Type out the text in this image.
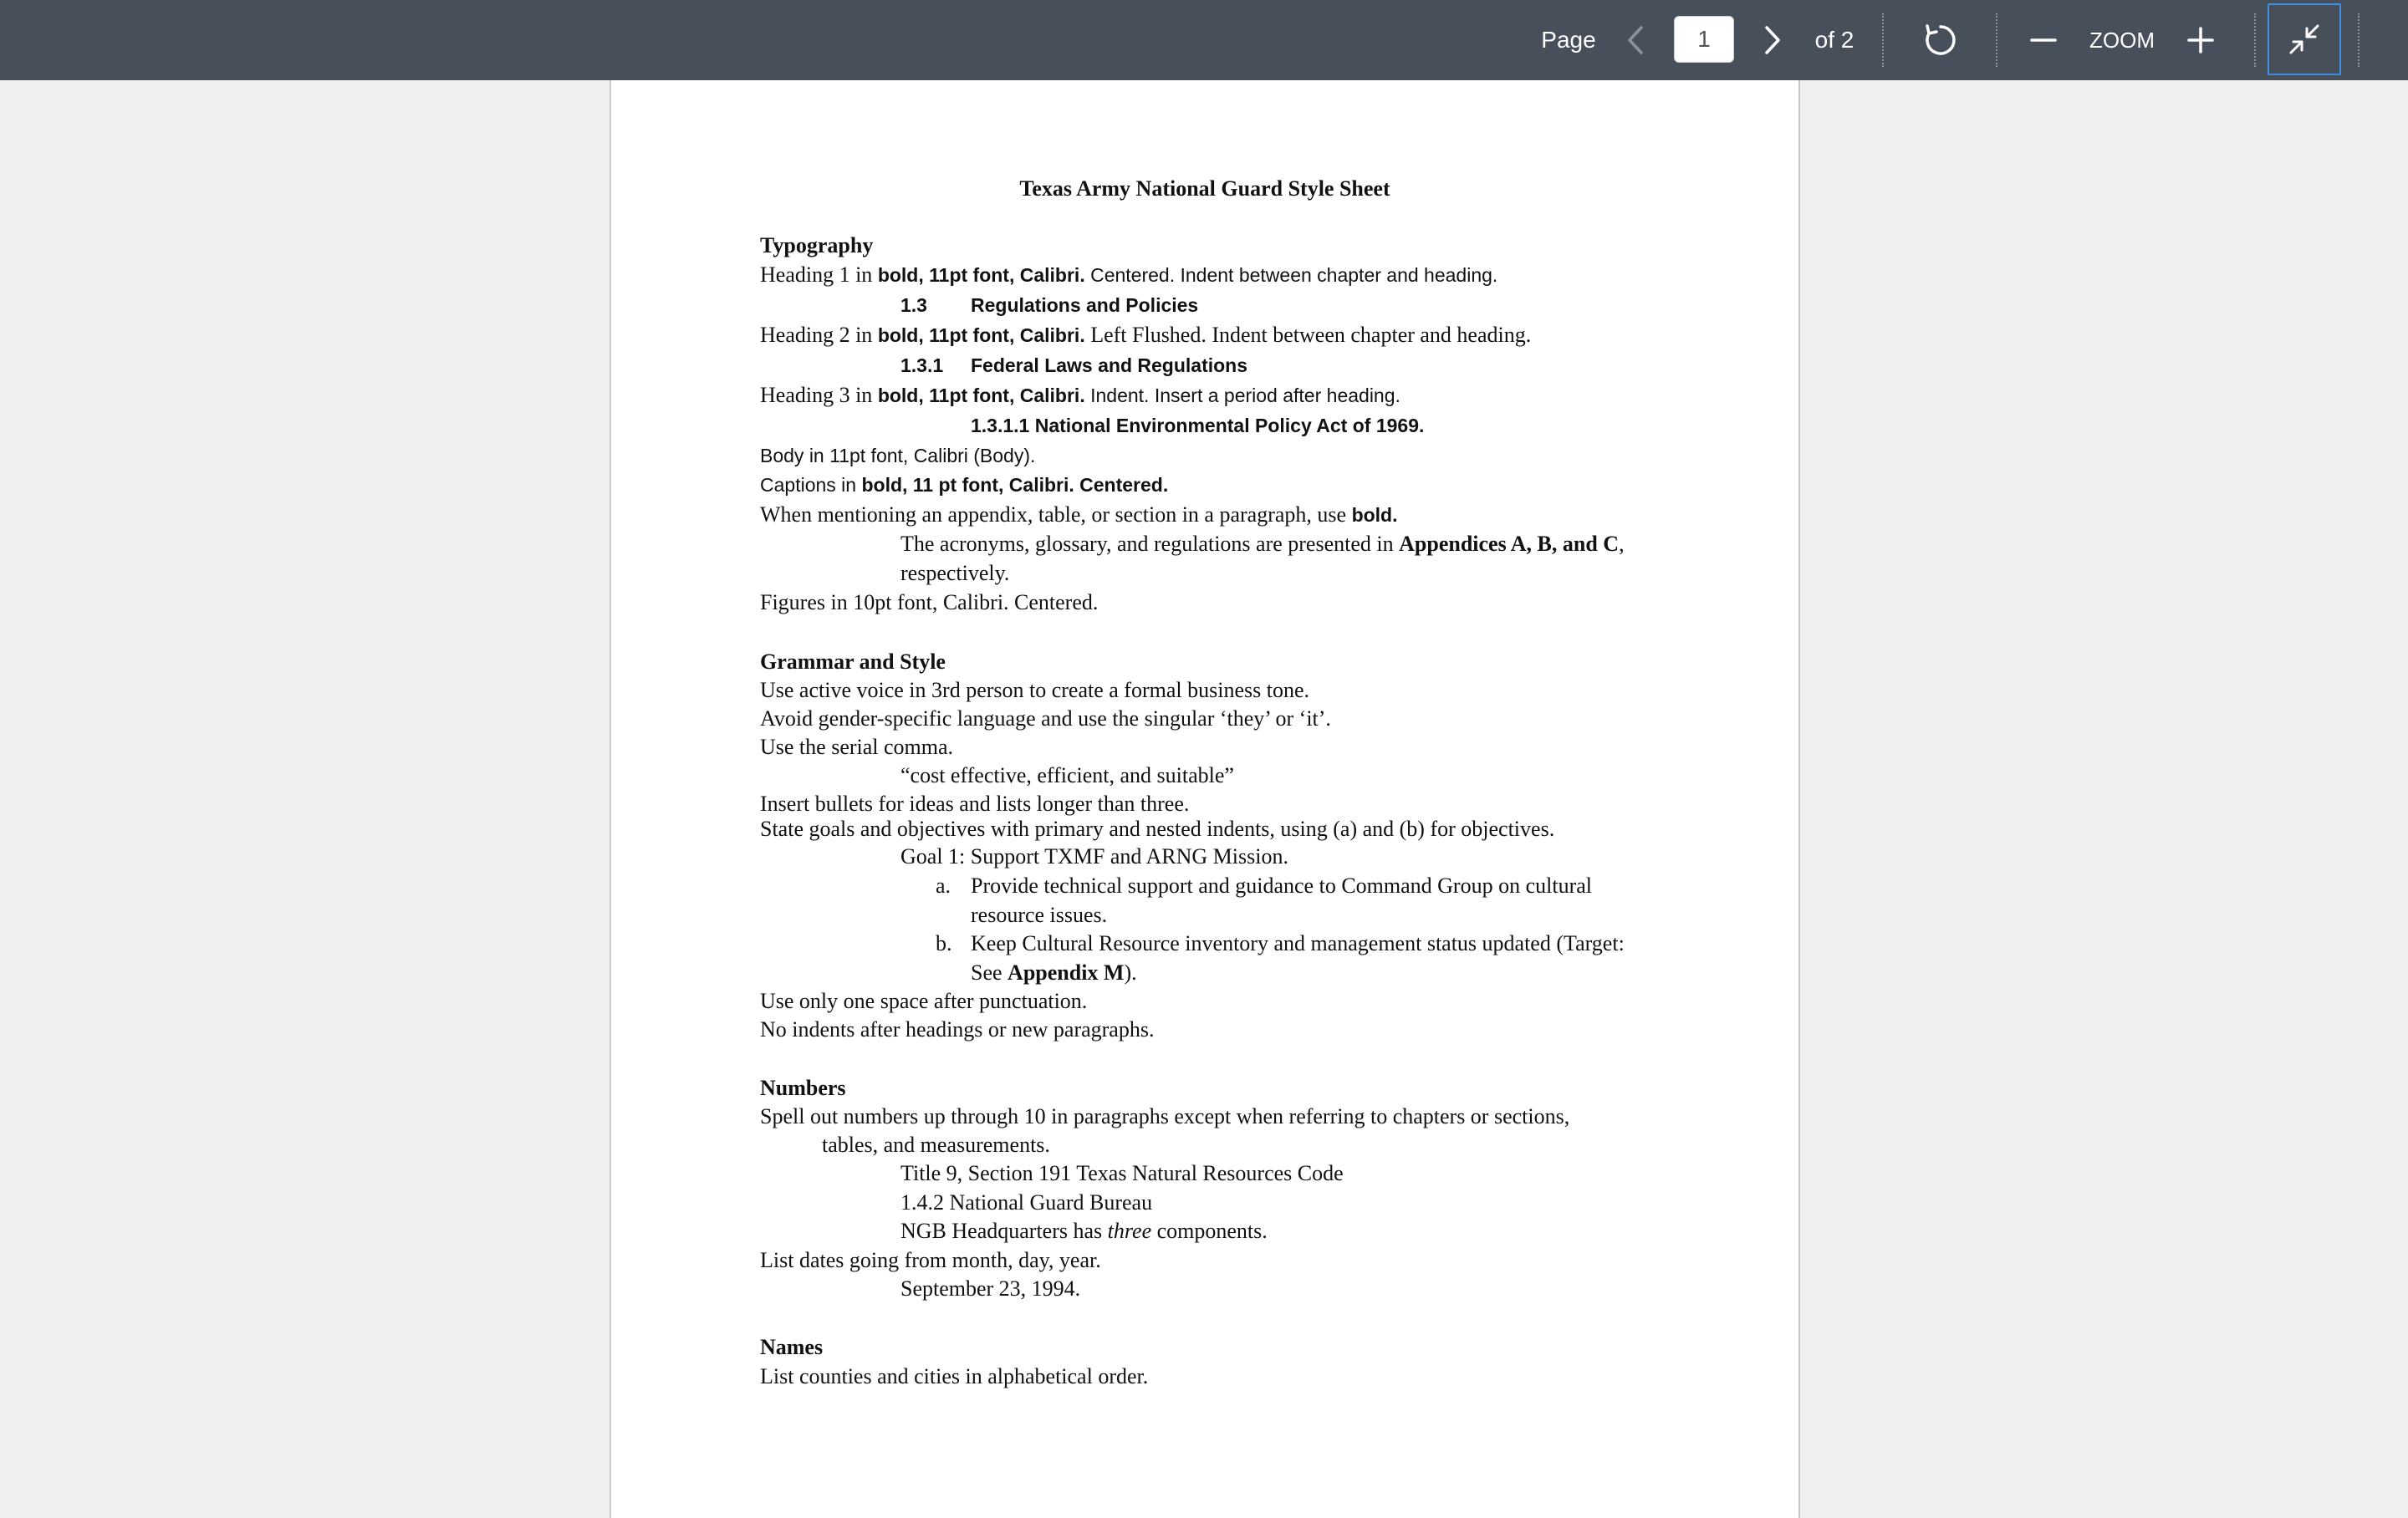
Page
1	of 2	ZOOM
Texas Army National Guard Style Sheet
Typography
Heading 1 in bold, 11pt font, Calibri. Centered. Indent between chapter and heading.
1.3 Regulations and Policies
Heading 2 in bold, 11pt font, Calibri. Left Flushed. Indent between chapter and heading.
1.3.1 Federal Laws and Regulations
Heading 3 in bold, 11pt font, Calibri. Indent. Insert a period after heading.
1.3.1.1 National Environmental Policy Act of 1969.
Body in 11pt font, Calibri (Body).
Captions in bold, 11 pt font, Calibri. Centered.
When mentioning an appendix, table, or section in a paragraph, use bold.
The acronyms, glossary, and regulations are presented in Appendices A, B, and C,
respectively.
Figures in 10pt font, Calibri. Centered.
Grammar and Style
Use active voice in 3rd person to create a formal business tone.
Avoid gender-specific language and use the singular ‘they’ or ‘it’.
Use the serial comma.
“cost effective, efficient, and suitable”
Insert bullets for ideas and lists longer than three.
State goals and objectives with primary and nested indents, using (a) and (b) for objectives.
Goal 1: Support TXMF and ARNG Mission.
a. Provide technical support and guidance to Command Group on cultural
resource issues.
b. Keep Cultural Resource inventory and management status updated (Target:
See Appendix M).
Use only one space after punctuation.
No indents after headings or new paragraphs.
Numbers
Spell out numbers up through 10 in paragraphs except when referring to chapters or sections,
tables, and measurements.
Title 9, Section 191 Texas Natural Resources Code
1.4.2 National Guard Bureau
NGB Headquarters has three components.
List dates going from month, day, year.
September 23, 1994.
Names
List counties and cities in alphabetical order.
